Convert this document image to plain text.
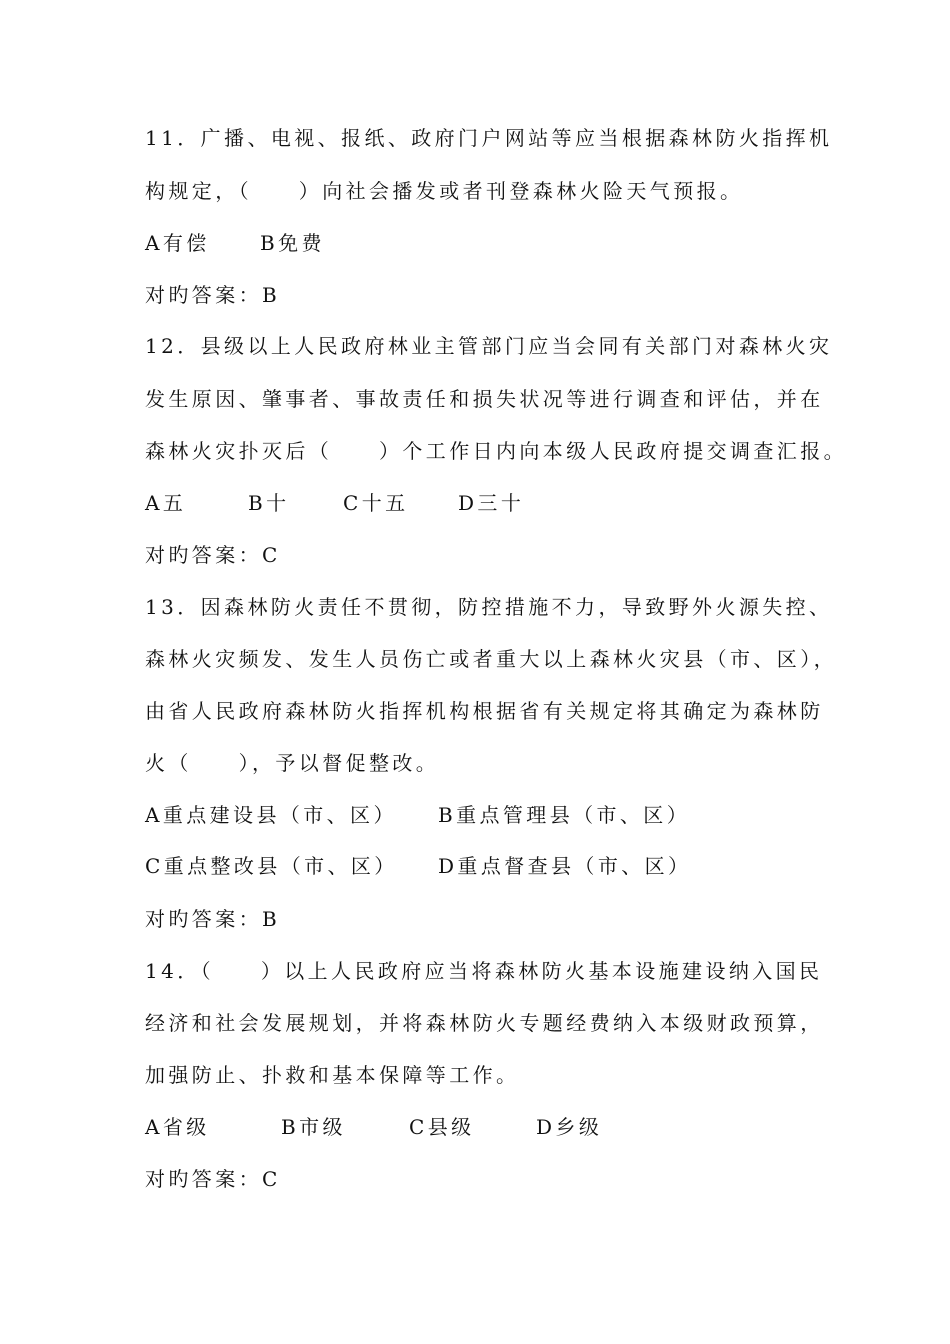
11．广播、电视、报纸、政府门户网站等应当根据森林防火指挥机
构规定，（　　）向社会播发或者刊登森林火险天气预报。
A有偿	B免费
对旳答案：B
12．县级以上人民政府林业主管部门应当会同有关部门对森林火灾
发生原因、肇事者、事故责任和损失状况等进行调查和评估，并在
森林火灾扑灭后（　　）个工作日内向本级人民政府提交调查汇报。
A五	B十	C十五 D三十
对旳答案：C
13．因森林防火责任不贯彻，防控措施不力，导致野外火源失控、
森林火灾频发、发生人员伤亡或者重大以上森林火灾县（市、区），
由省人民政府森林防火指挥机构根据省有关规定将其确定为森林防
火（　　），予以督促整改。
A重点建设县（市、区） B重点管理县（市、区）
C重点整改县（市、区） D重点督查县（市、区）
对旳答案：B
14．（　　）以上人民政府应当将森林防火基本设施建设纳入国民
经济和社会发展规划，并将森林防火专题经费纳入本级财政预算，
加强防止、扑救和基本保障等工作。
A省级	B市级	C县级	D乡级
对旳答案：C
